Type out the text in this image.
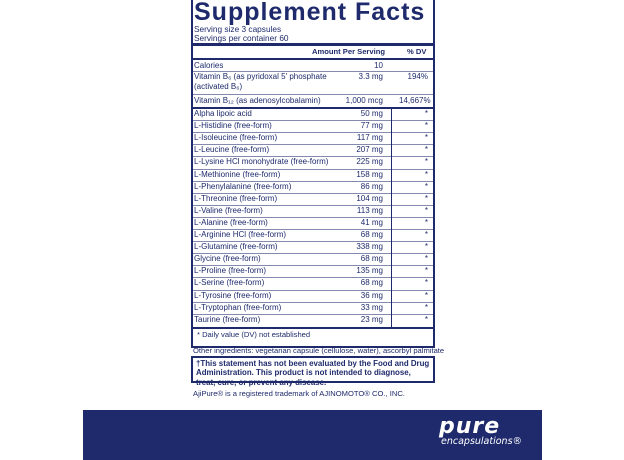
Supplement Facts
Serving size 3 capsules
Servings per container 60
Amount Per Serving	% DV
Calories	10
Vitamin B₆ (as pyridoxal 5' phosphate
(activated B₆)
3.3 mg	194%
Vitamin B₁₂ (as adenosylcobalamin)	1,000 mcg 14,667%
Alpha lipoic acid	50 mg	*
L-Histidine (free-form)	77 mg	*
L-Isoleucine (free-form)	117 mg	*
L-Leucine (free-form)	207 mg	*
L-Lysine HCl monohydrate (free-form)	225 mg	*
L-Methionine (free-form)	158 mg	*
L-Phenylalanine (free-form)	86 mg	*
L-Threonine (free-form)	104 mg	*
L-Valine (free-form)	113 mg	*
L-Alanine (free-form)	41 mg	*
L-Arginine HCl (free-form)	68 mg	*
L-Glutamine (free-form)	338 mg	*
Glycine (free-form)	68 mg	*
L-Proline (free-form)	135 mg	*
L-Serine (free-form)	68 mg	*
L-Tyrosine (free-form)	36 mg	*
L-Tryptophan (free-form)	33 mg	*
Taurine (free-form)	23 mg	*
* Daily value (DV) not established
Other ingredients: vegetarian capsule (cellulose, water), ascorbyl palmitate
†This statement has not been evaluated by the Food and Drug Administration. This product is not intended to diagnose, treat, cure, or prevent any disease.
AjiPure® is a registered trademark of AJINOMOTO® CO., INC.
pure
encapsulations®
